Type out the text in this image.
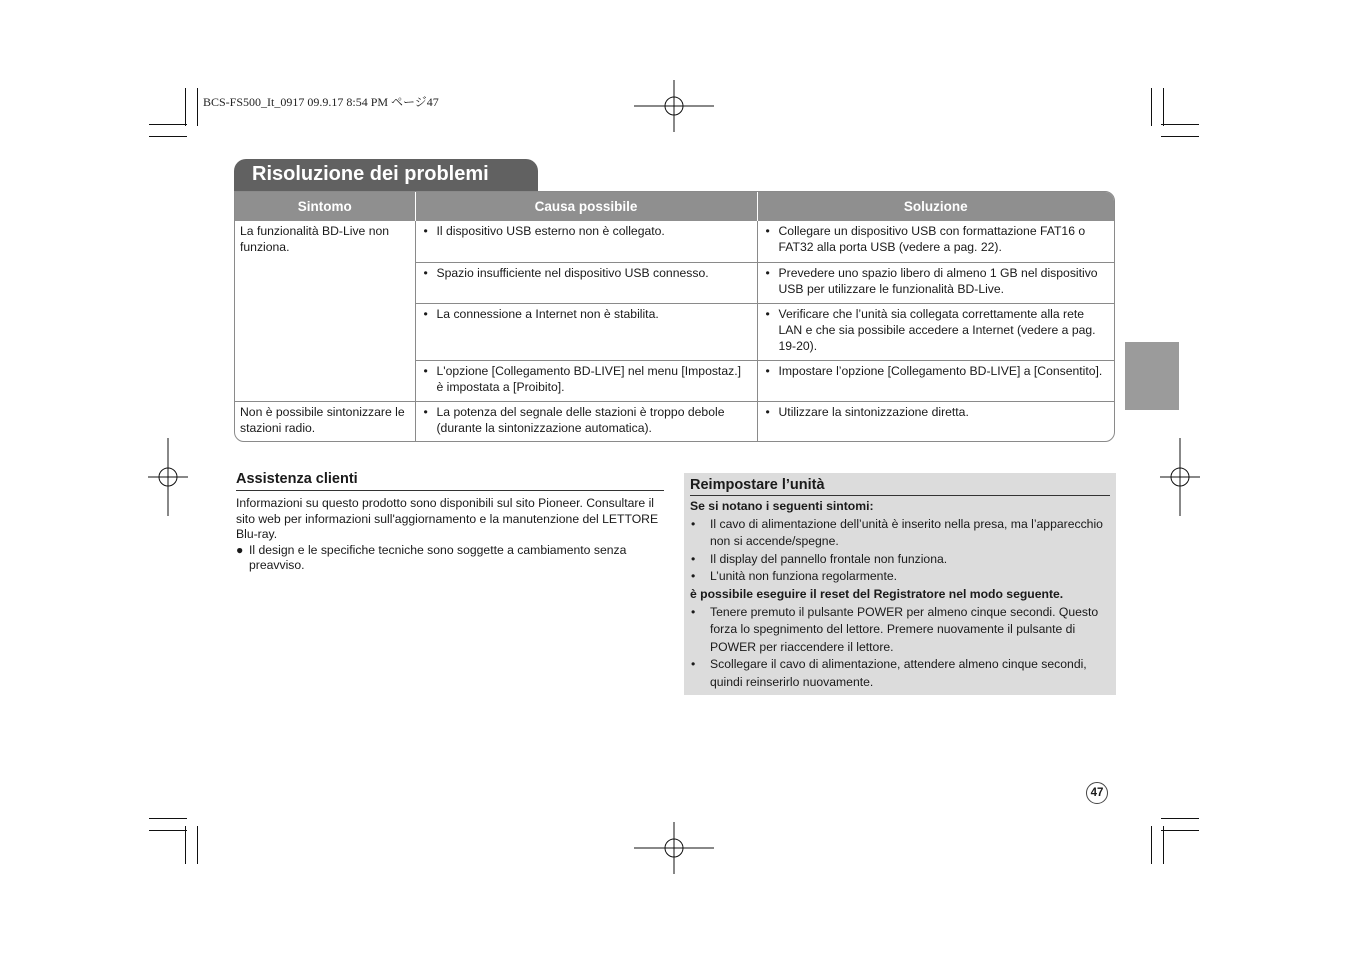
BCS-FS500_It_0917 09.9.17 8:54 PM ページ47
Risoluzione dei problemi
Sintomo	Causa possibile	Soluzione
La funzionalità BD-Live non funziona.	• Il dispositivo USB esterno non è collegato.	• Collegare un dispositivo USB con formattazione FAT16 o FAT32 alla porta USB (vedere a pag. 22).
	• Spazio insufficiente nel dispositivo USB connesso.	• Prevedere uno spazio libero di almeno 1 GB nel dispositivo USB per utilizzare le funzionalità BD-Live.
	• La connessione a Internet non è stabilita.	• Verificare che l’unità sia collegata correttamente alla rete LAN e che sia possibile accedere a Internet (vedere a pag. 19-20).
	• L'opzione [Collegamento BD-LIVE] nel menu [Impostaz.] è impostata a [Proibito].	• Impostare l’opzione [Collegamento BD-LIVE] a [Consentito].
Non è possibile sintonizzare le stazioni radio.	• La potenza del segnale delle stazioni è troppo debole (durante la sintonizzazione automatica).	• Utilizzare la sintonizzazione diretta.
Assistenza clienti
Informazioni su questo prodotto sono disponibili sul sito Pioneer. Consultare il sito web per informazioni sull'aggiornamento e la manutenzione del LETTORE Blu-ray.
● Il design e le specifiche tecniche sono soggette a cambiamento senza preavviso.
Reimpostare l’unità
Se si notano i seguenti sintomi:
• Il cavo di alimentazione dell’unità è inserito nella presa, ma l’apparecchio non si accende/spegne.
• Il display del pannello frontale non funziona.
• L’unità non funziona regolarmente.
è possibile eseguire il reset del Registratore nel modo seguente.
• Tenere premuto il pulsante POWER per almeno cinque secondi. Questo forza lo spegnimento del lettore. Premere nuovamente il pulsante di POWER per riaccendere il lettore.
• Scollegare il cavo di alimentazione, attendere almeno cinque secondi, quindi reinserirlo nuovamente.
47
